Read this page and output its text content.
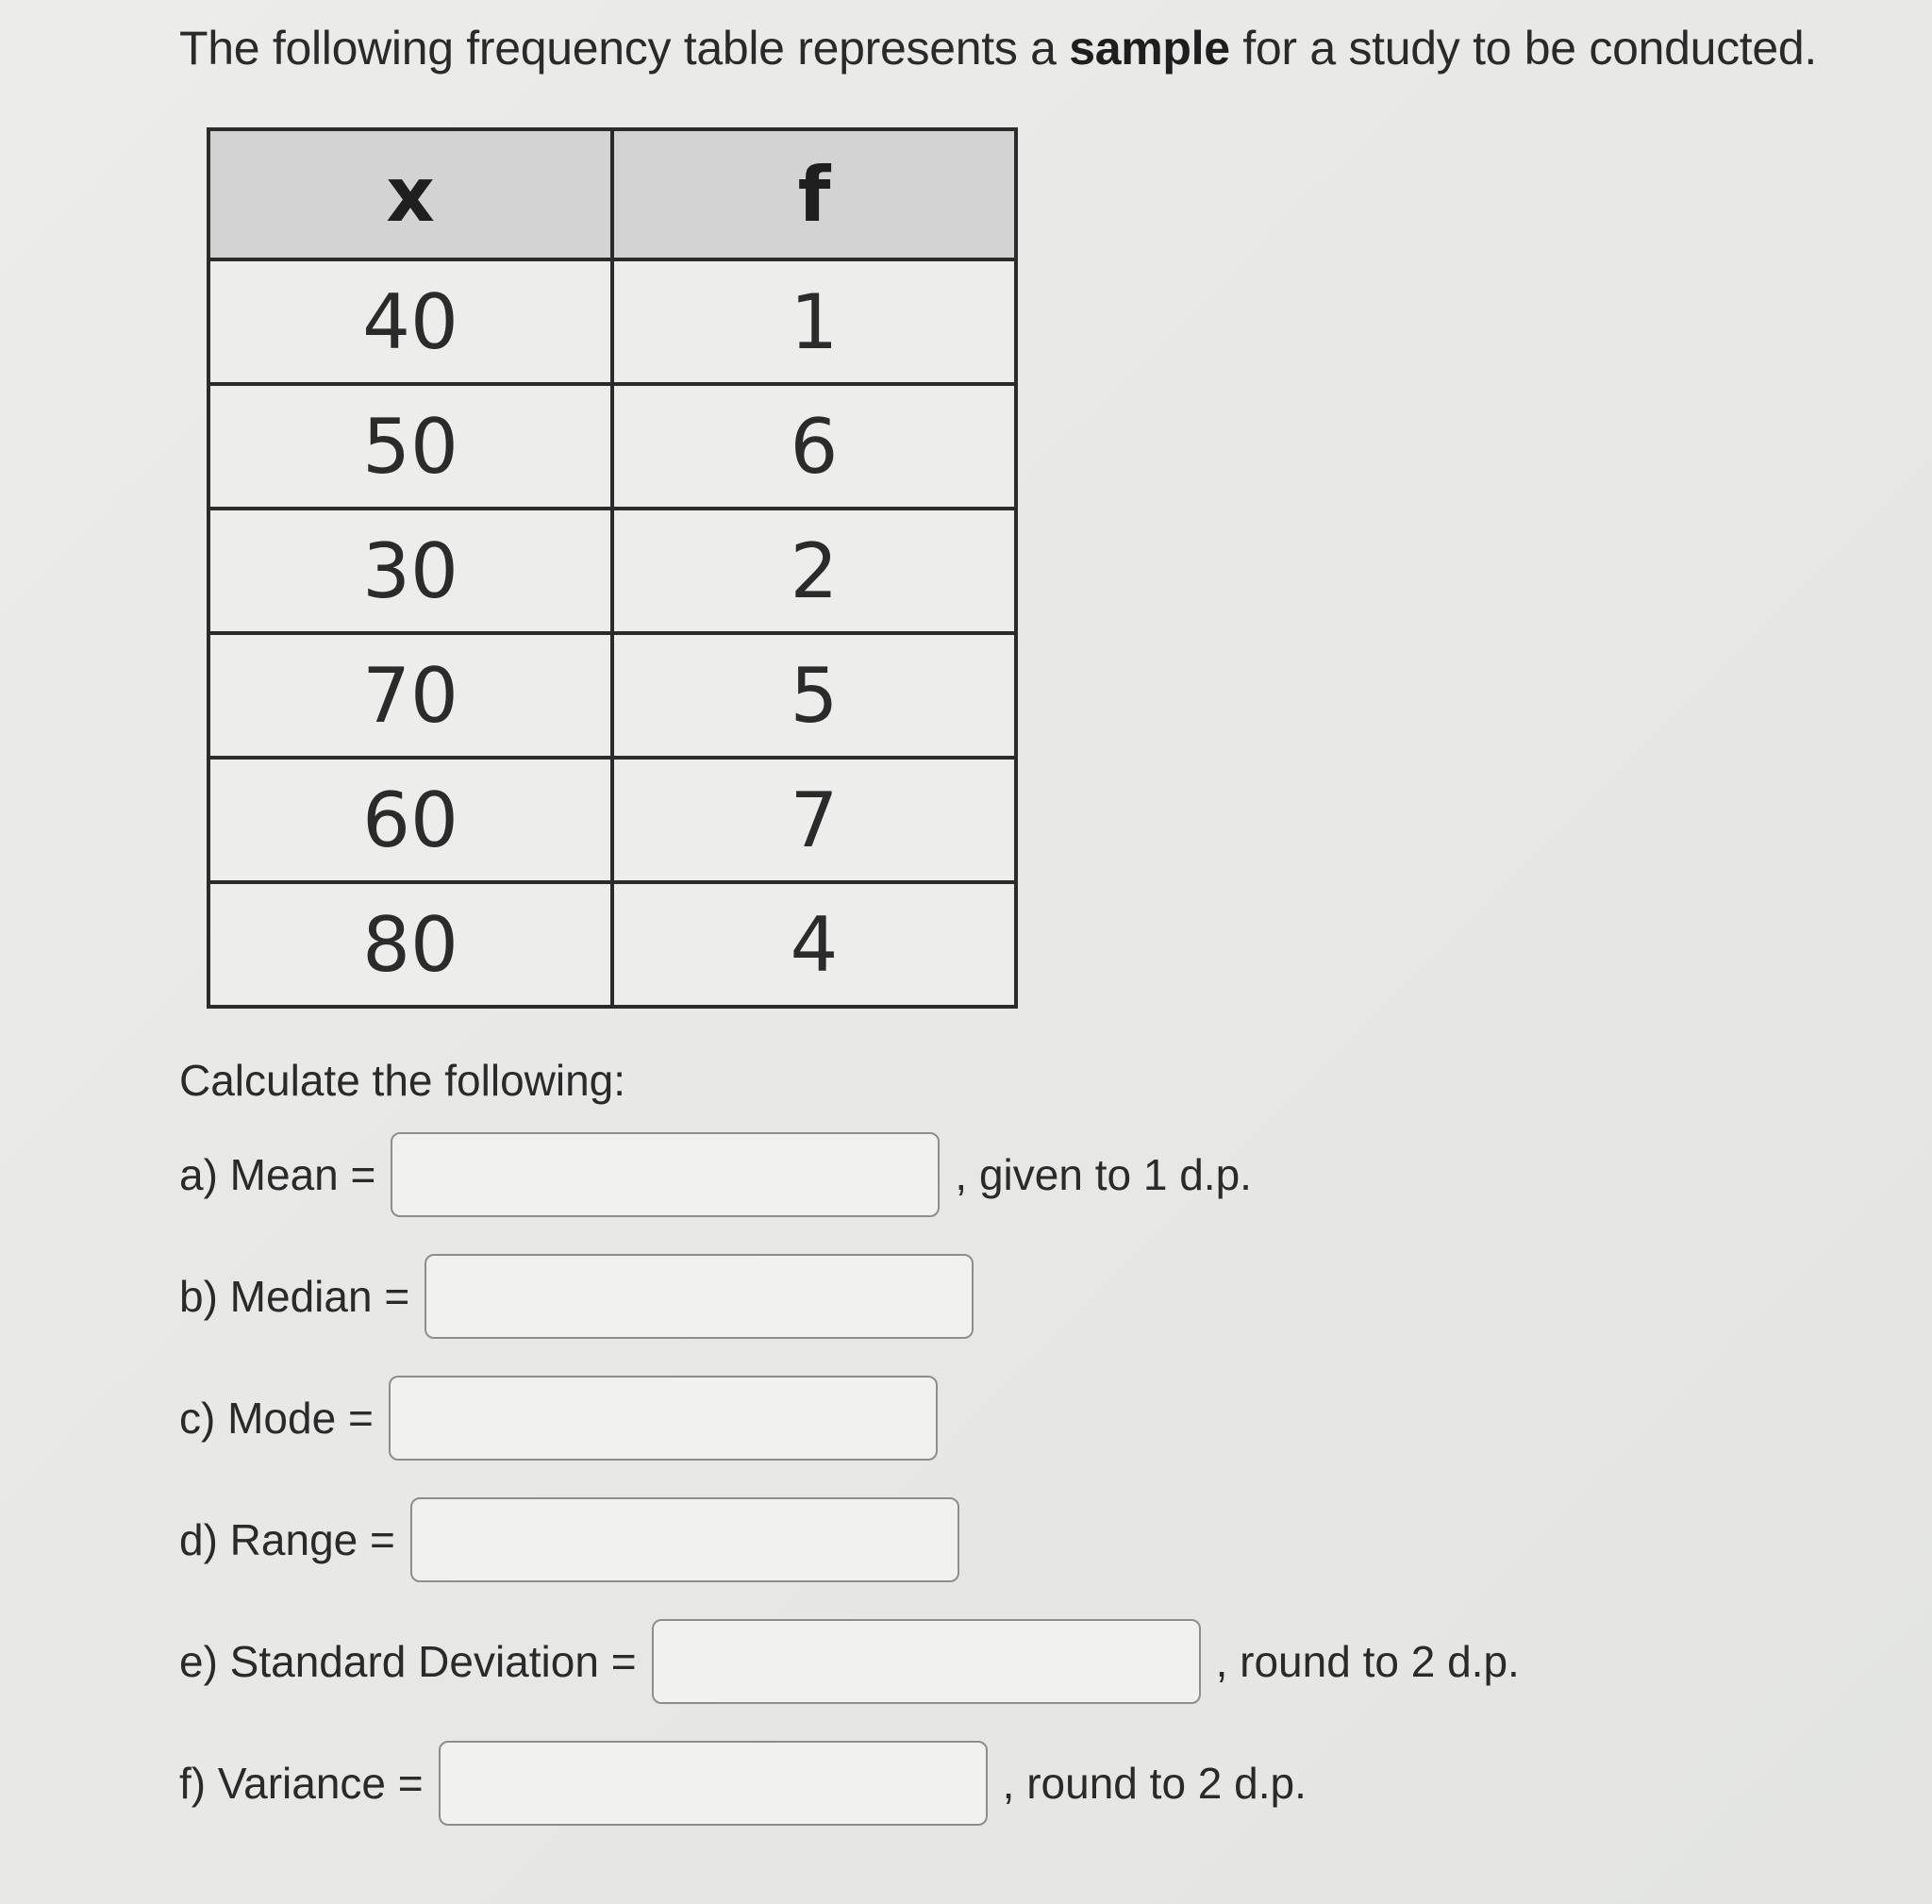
The following frequency table represents a sample for a study to be conducted.
x	f
40	1
50	6
30	2
70	5
60	7
80	4
Calculate the following:
a) Mean =	, given to 1 d.p.
b) Median =
c) Mode =
d) Range =
e) Standard Deviation =	, round to 2 d.p.
f) Variance =	, round to 2 d.p.
